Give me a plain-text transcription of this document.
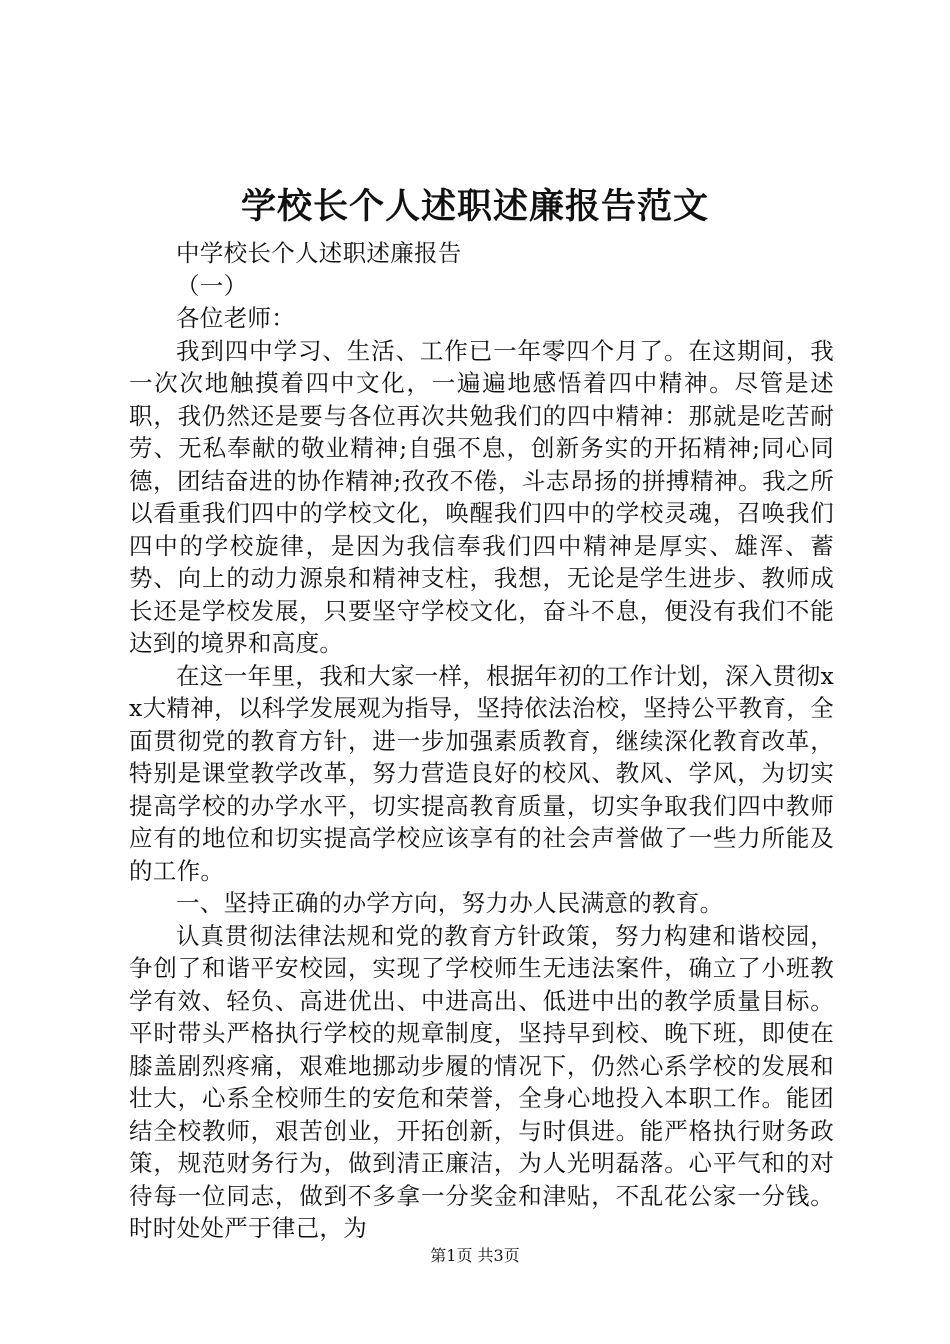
学校长个人述职述廉报告范文

中学校长个人述职述廉报告

（一）

各位老师：

我到四中学习、生活、工作已一年零四个月了。在这期间，我一次次地触摸着四中文化，一遍遍地感悟着四中精神。尽管是述职，我仍然还是要与各位再次共勉我们的四中精神：那就是吃苦耐劳、无私奉献的敬业精神;自强不息，创新务实的开拓精神;同心同德，团结奋进的协作精神;孜孜不倦，斗志昂扬的拼搏精神。我之所以看重我们四中的学校文化，唤醒我们四中的学校灵魂，召唤我们四中的学校旋律，是因为我信奉我们四中精神是厚实、雄浑、蓄势、向上的动力源泉和精神支柱，我想，无论是学生进步、教师成长还是学校发展，只要坚守学校文化，奋斗不息，便没有我们不能达到的境界和高度。

在这一年里，我和大家一样，根据年初的工作计划，深入贯彻xx大精神，以科学发展观为指导，坚持依法治校，坚持公平教育，全面贯彻党的教育方针，进一步加强素质教育，继续深化教育改革，特别是课堂教学改革，努力营造良好的校风、教风、学风，为切实提高学校的办学水平，切实提高教育质量，切实争取我们四中教师应有的地位和切实提高学校应该享有的社会声誉做了一些力所能及的工作。

一、坚持正确的办学方向，努力办人民满意的教育。

认真贯彻法律法规和党的教育方针政策，努力构建和谐校园，争创了和谐平安校园，实现了学校师生无违法案件，确立了小班教学有效、轻负、高进优出、中进高出、低进中出的教学质量目标。平时带头严格执行学校的规章制度，坚持早到校、晚下班，即使在膝盖剧烈疼痛，艰难地挪动步履的情况下，仍然心系学校的发展和壮大，心系全校师生的安危和荣誉，全身心地投入本职工作。能团结全校教师，艰苦创业，开拓创新，与时俱进。能严格执行财务政策，规范财务行为，做到清正廉洁，为人光明磊落。心平气和的对待每一位同志，做到不多拿一分奖金和津贴，不乱花公家一分钱。时时处处严于律己，为

第1页 共3页
